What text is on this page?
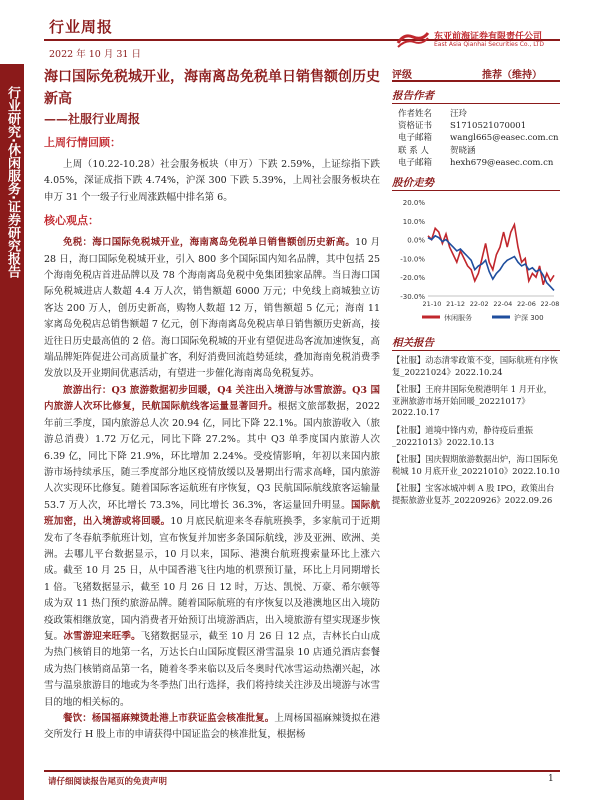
行业周报
2022 年 10 月 31 日
东亚前海证券有限责任公司
East Asia Qianhai Securities Co., LTD
行业研究·休闲服务·证券研究报告
海口国际免税城开业，海南离岛免税单日销售额创历史新高
——社服行业周报
上周行情回顾：

上周（10.22-10.28）社会服务板块（申万）下跌 2.59%，上证综指下跌 4.05%，深证成指下跌 4.74%，沪深 300 下跌 5.39%，上周社会服务板块在申万 31 个一级子行业周涨跌幅中排名第 6。

核心观点：

免税：海口国际免税城开业，海南离岛免税单日销售额创历史新高。10 月 28 日，海口国际免税城开业，引入 800 多个国际国内知名品牌，其中包括 25 个海南免税店首进品牌以及 78 个海南离岛免税中免集团独家品牌。当日海口国际免税城进店人数超 4.4 万人次，销售额超 6000 万元；中免线上商城独立访客达 200 万人，创历史新高，购物人数超 12 万，销售额超 5 亿元；海南 11 家离岛免税店总销售额超 7 亿元，创下海南离岛免税店单日销售额历史新高，接近往日历史最高值的 2 倍。海口国际免税城的开业有望促进岛客流加速恢复，高端品牌矩阵促进公司高质量扩客，利好消费回流趋势延续，叠加海南免税消费季发放以及开业期间优惠活动，有望进一步催化海南离岛免税复苏。

旅游出行：Q3 旅游数据初步回暖，Q4 关注出入境游与冰雪旅游。Q3 国内旅游人次环比修复，民航国际航线客运量显著回升。根据文旅部数据，2022 年前三季度，国内旅游总人次 20.94 亿，同比下降 22.1%。国内旅游收入（旅游总消费）1.72 万亿元，同比下降 27.2%。其中 Q3 单季度国内旅游人次 6.39 亿，同比下降 21.9%，环比增加 2.24%。受疫情影响，年初以来国内旅游市场持续承压，随三季度部分地区疫情放缓以及暑期出行需求高峰，国内旅游人次实现环比修复。随着国际客运航班有序恢复，Q3 民航国际航线旅客运输量 53.7 万人次，环比增长 73.3%，同比增长 36.3%，客运量回升明显。国际航班加密，出入境游或将回暖。10 月底民航迎来冬春航班换季，多家航司于近期发布了冬春航季航班计划，宣布恢复并加密多条国际航线，涉及亚洲、欧洲、美洲。去哪儿平台数据显示，10 月以来，国际、港澳台航班搜索量环比上涨六成。截至 10 月 25 日，从中国香港飞往内地的机票预订量，环比上月同期增长 1 倍。飞猪数据显示，截至 10 月 26 日 12 时，万达、凯悦、万豪、希尔顿等成为双 11 热门预约旅游品牌。随着国际航班的有序恢复以及港澳地区出入境防疫政策相继放宽，国内消费者开始预订出境游酒店，出入境旅游有望实现逐步恢复。冰雪游迎来旺季。飞猪数据显示，截至 10 月 26 日 12 点，吉林长白山成为热门核销目的地第一名，万达长白山国际度假区滑雪温泉 10 店通兑酒店套餐成为热门核销商品第一名，随着冬季来临以及后冬奥时代冰雪运动热潮兴起，冰雪与温泉旅游目的地或为冬季热门出行选择，我们将持续关注涉及出境游与冰雪目的地的相关标的。

餐饮：杨国福麻辣烫赴港上市获证监会核准批复。上周杨国福麻辣烫拟在港交所发行 H 股上市的申请获得中国证监会的核准批复，根据杨

评级	推荐（维持）
报告作者
作者姓名	汪玲
资格证书	S1710521070001
电子邮箱	wangl665@easec.com.cn
联 系 人	贺晓涵
电子邮箱	hexh679@easec.com.cn
股价走势
20.0%
10.0%
0.0%
-10.0%
-20.0%
-30.0%
21-10 21-12 22-02 22-04 22-06 22-08
休闲服务	沪深 300
相关报告
【社服】动态清零政策不变，国际航班有序恢复_20221024》2022.10.24
【社服】王府井国际免税港明年 1 月开业，亚洲旅游市场开始回暖_20221017》2022.10.17
【社服】道境中锋内劝，静待疫后重振_20221013》2022.10.13
【社服】国庆假期旅游数据出炉，海口国际免税城 10 月底开业_20221010》2022.10.10
【社服】宝客冰城冲刺 A 股 IPO，政策出台提振旅游业复苏_20220926》2022.09.26
请仔细阅读报告尾页的免责声明	1
